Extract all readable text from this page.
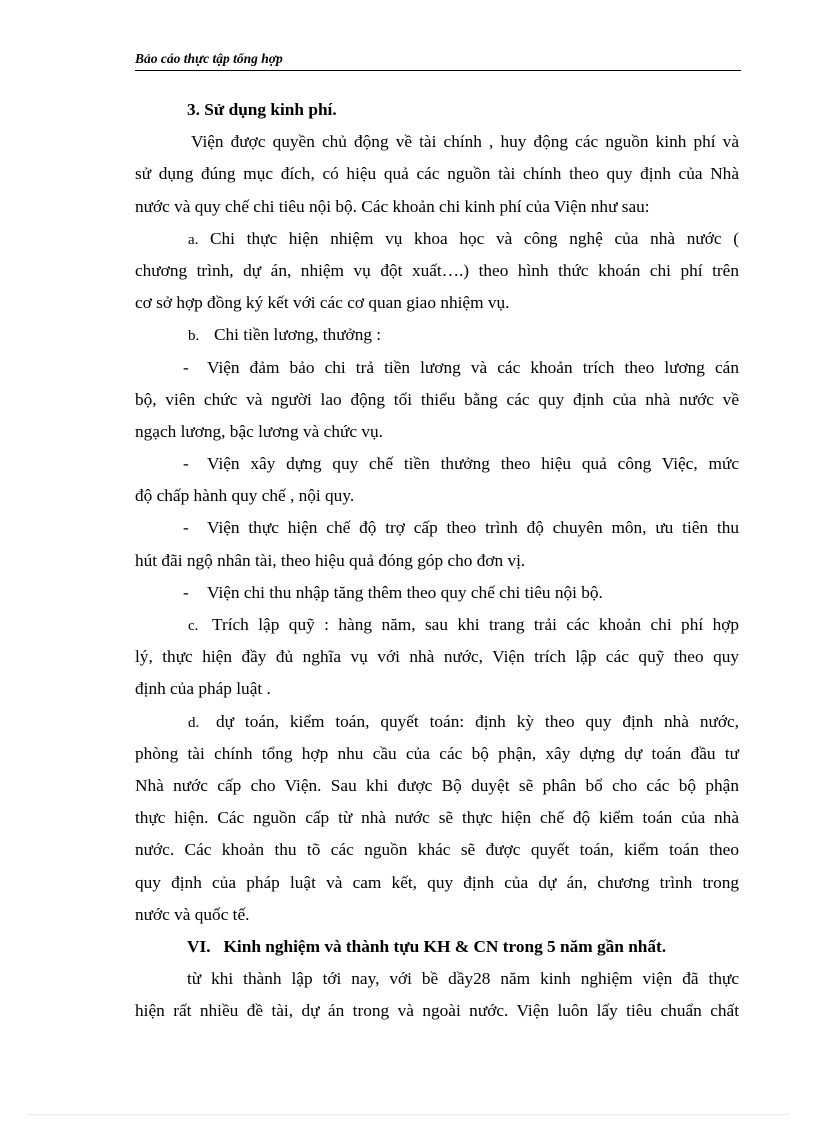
Bảo cáo thực tập tổng hợp
3. Sử dụng kinh phí.
Viện được quyền chủ động về tài chính , huy động các nguồn kinh phí và
sử dụng đúng mục đích, có hiệu quả các nguồn tài chính theo quy định của Nhà
nước và quy chế chi tiêu nội bộ. Các khoản chi kinh phí của Viện như sau:
a. Chi thực hiện nhiệm vụ khoa học và công nghệ của nhà nước (
chương trình, dự án, nhiệm vụ đột xuất….) theo hình thức khoán chi phí trên
cơ sở hợp đồng ký kết với các cơ quan giao nhiệm vụ.
b. Chi tiền lương, thưởng :
- Viện đảm bảo chi trả tiền lương và các khoản trích theo lương cán
bộ, viên chức và người lao động tối thiểu bằng các quy định của nhà nước về
ngạch lương, bậc lương và chức vụ.
- Viện xây dựng quy chế tiền thưởng theo hiệu quả công Việc, mức
độ chấp hành quy chế , nội quy.
- Viện thực hiện chế độ trợ cấp theo trình độ chuyên môn, ưu tiên thu
hút đãi ngộ nhân tài, theo hiệu quả đóng góp cho đơn vị.
- Viện chi thu nhập tăng thêm theo quy chế chi tiêu nội bộ.
c. Trích lập quỹ : hàng năm, sau khi trang trải các khoản chi phí hợp
lý, thực hiện đầy đủ nghĩa vụ với nhà nước, Viện trích lập các quỹ theo quy
định của pháp luật .
d. dự toán, kiểm toán, quyết toán: định kỳ theo quy định nhà nước,
phòng tài chính tổng hợp nhu cầu của các bộ phận, xây dựng dự toán đầu tư
Nhà nước cấp cho Viện. Sau khi được Bộ duyệt sẽ phân bổ cho các bộ phận
thực hiện. Các nguồn cấp từ nhà nước sẽ thực hiện chế độ kiểm toán của nhà
nước. Các khoản thu tõ các nguồn khác sẽ được quyết toán, kiểm toán theo
quy định của pháp luật và cam kết, quy định của dự án, chương trình trong
nước và quốc tế.
VI.   Kinh nghiệm và thành tựu KH & CN trong 5 năm gần nhất.
từ khi thành lập tới nay, với bề dầy28 năm kinh nghiệm viện đã thực
hiện rất nhiều đề tài, dự án trong và ngoài nước. Viện luôn lấy tiêu chuẩn chất
